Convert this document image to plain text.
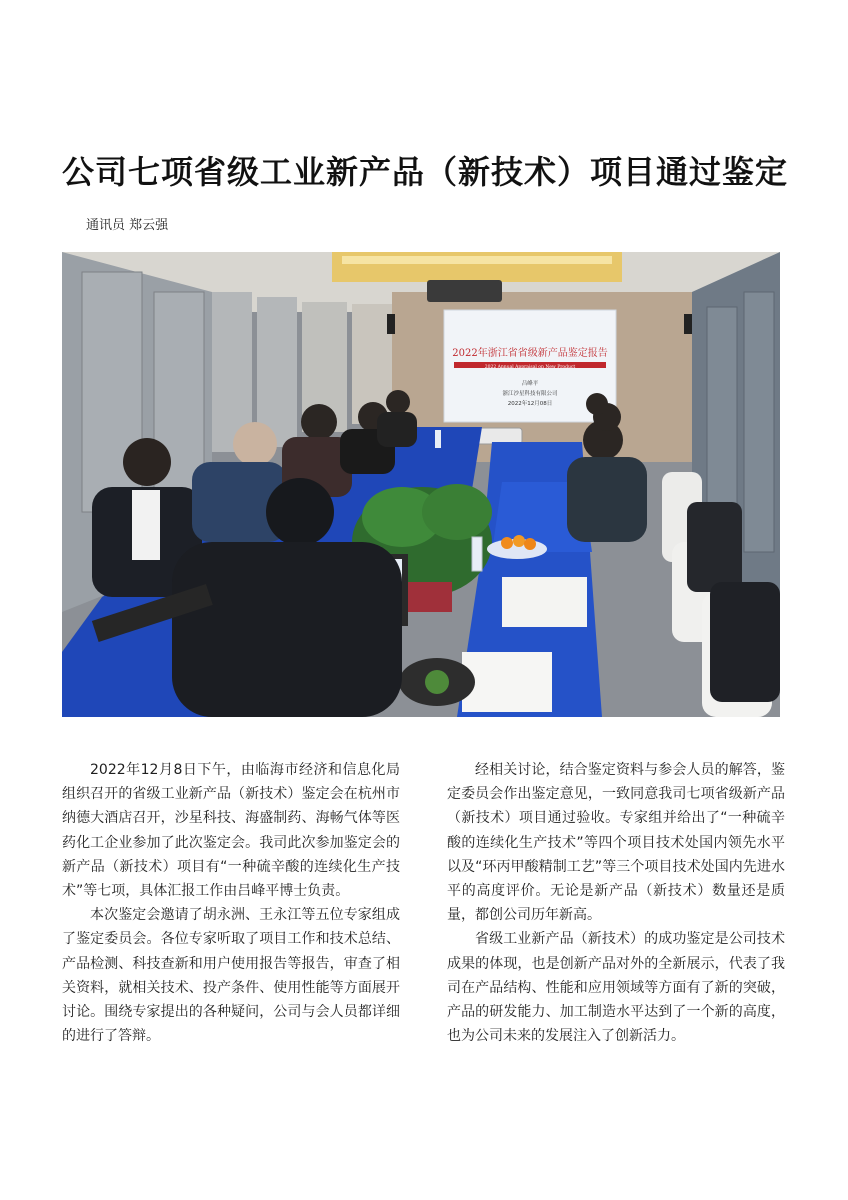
公司七项省级工业新产品（新技术）项目通过鉴定
通讯员 郑云强
2022年浙江省省级新产品鉴定报告
2022 Annual Appraisal on New Product
吕峰平
浙江沙星科技有限公司
2022年12月08日

2022年12月8日下午，由临海市经济和信息化局组织召开的省级工业新产品（新技术）鉴定会在杭州市纳德大酒店召开，沙星科技、海盛制药、海畅气体等医药化工企业参加了此次鉴定会。我司此次参加鉴定会的新产品（新技术）项目有“一种硫辛酸的连续化生产技术”等七项，具体汇报工作由吕峰平博士负责。

本次鉴定会邀请了胡永洲、王永江等五位专家组成了鉴定委员会。各位专家听取了项目工作和技术总结、产品检测、科技查新和用户使用报告等报告，审查了相关资料，就相关技术、投产条件、使用性能等方面展开讨论。围绕专家提出的各种疑问，公司与会人员都详细的进行了答辩。

经相关讨论，结合鉴定资料与参会人员的解答，鉴定委员会作出鉴定意见，一致同意我司七项省级新产品（新技术）项目通过验收。专家组并给出了“一种硫辛酸的连续化生产技术”等四个项目技术处国内领先水平以及“环丙甲酸精制工艺”等三个项目技术处国内先进水平的高度评价。无论是新产品（新技术）数量还是质量，都创公司历年新高。

省级工业新产品（新技术）的成功鉴定是公司技术成果的体现，也是创新产品对外的全新展示，代表了我司在产品结构、性能和应用领域等方面有了新的突破，产品的研发能力、加工制造水平达到了一个新的高度，也为公司未来的发展注入了创新活力。
